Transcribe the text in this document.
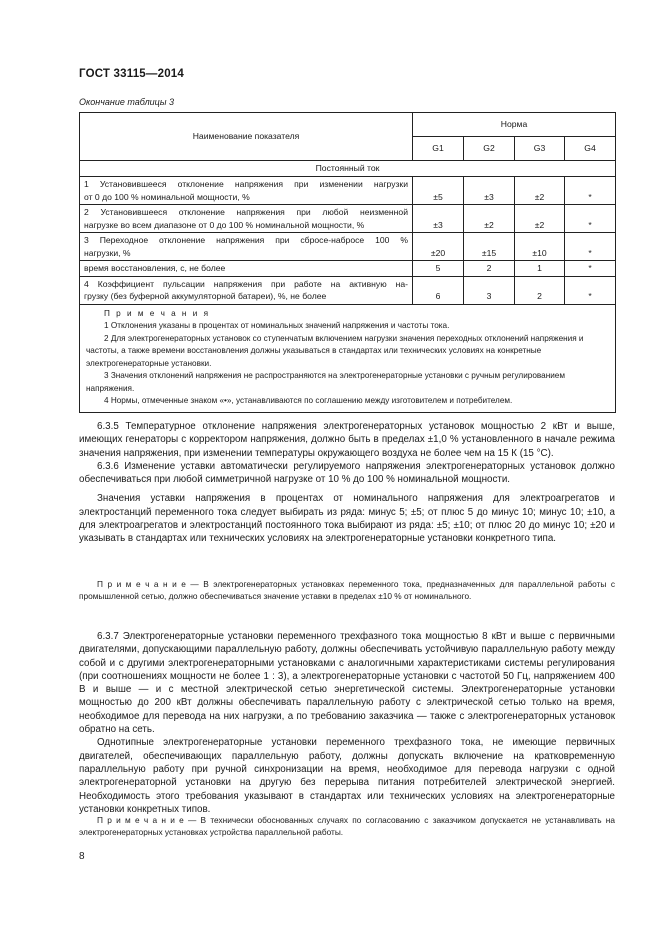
ГОСТ 33115—2014
Окончание таблицы 3
Наименование показателя	Норма			
	G1	G2	G3	G4
Постоянный ток				

1 Установившееся отклонение напряжения при изменении нагрузки
от 0 до 100 % номинальной мощности, %	±5	±3	±2	*

2 Установившееся отклонение напряжения при любой неизменной
нагрузке во всем диапазоне от 0 до 100 % номинальной мощности, %	±3	±2	±2	*

3 Переходное отклонение напряжения при сбросе-набросе 100 %
нагрузки, %	±20	±15	±10	*
время восстановления, с, не более	5	2	1	*

4 Коэффициент пульсации напряжения при работе на активную на-
грузку (без буферной аккумуляторной батареи), %, не более	6	3	2	*

П р и м е ч а н и я
1 Отклонения указаны в процентах от номинальных значений напряжения и частоты тока.
2 Для электрогенераторных установок со ступенчатым включением нагрузки значения переходных отклонений напряжения и частоты, а также времени восстановления должны указываться в стандартах или технических условиях на конкретные электрогенераторные установки.
3 Значения отклонений напряжения не распространяются на электрогенераторные установки с ручным регулированием напряжения.
4 Нормы, отмеченные знаком «•», устанавливаются по соглашению между изготовителем и потребителем.				

6.3.5 Температурное отклонение напряжения электрогенераторных установок мощностью 2 кВт и выше, имеющих генераторы с корректором напряжения, должно быть в пределах ±1,0 % установленного в начале режима значения напряжения, при изменении температуры окружающего воздуха не более чем на 15 К (15 °С).

6.3.6 Изменение уставки автоматически регулируемого напряжения электрогенераторных установок должно обеспечиваться при любой симметричной нагрузке от 10 % до 100 % номинальной мощности.

Значения уставки напряжения в процентах от номинального напряжения для электроагрегатов и электростанций переменного тока следует выбирать из ряда: минус 5; ±5; от плюс 5 до минус 10; минус 10; ±10, а для электроагрегатов и электростанций постоянного тока выбирают из ряда: ±5; ±10; от плюс 20 до минус 10; ±20 и указывать в стандартах или технических условиях на электрогенераторные установки конкретного типа.

П р и м е ч а н и е — В электрогенераторных установках переменного тока, предназначенных для параллельной работы с промышленной сетью, должно обеспечиваться значение уставки в пределах ±10 % от номинального.

6.3.7 Электрогенераторные установки переменного трехфазного тока мощностью 8 кВт и выше с первичными двигателями, допускающими параллельную работу, должны обеспечивать устойчивую параллельную работу между собой и с другими электрогенераторными установками с аналогичными характеристиками системы регулирования (при соотношениях мощности не более 1 : 3), а электрогенераторные установки с частотой 50 Гц, напряжением 400 В и выше — и с местной электрической сетью энергетической системы. Электрогенераторные установки мощностью до 200 кВт должны обеспечивать параллельную работу с электрической сетью только на время, необходимое для перевода на них нагрузки, а по требованию заказчика — также с электрогенераторных установок обратно на сеть.

Однотипные электрогенераторные установки переменного трехфазного тока, не имеющие первичных двигателей, обеспечивающих параллельную работу, должны допускать включение на кратковременную параллельную работу при ручной синхронизации на время, необходимое для перевода нагрузки с одной электрогенераторной установки на другую без перерыва питания потребителей электрической энергией. Необходимость этого требования указывают в стандартах или технических условиях на электрогенераторные установки конкретных типов.

П р и м е ч а н и е — В технически обоснованных случаях по согласованию с заказчиком допускается не устанавливать на электрогенераторных установках устройства параллельной работы.

8
